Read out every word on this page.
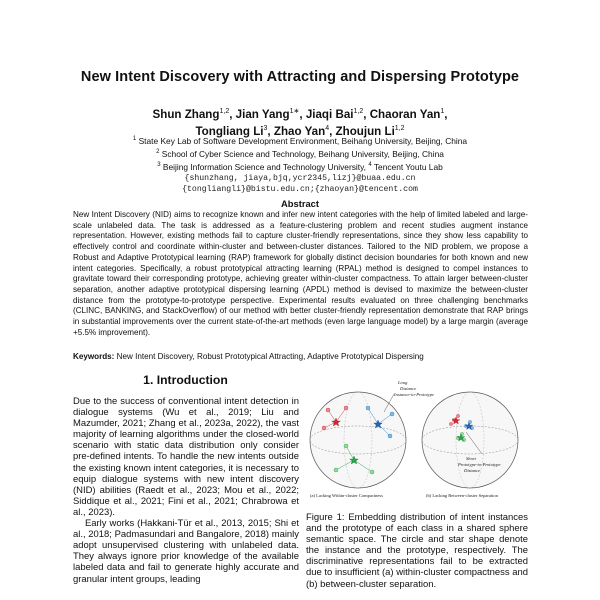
New Intent Discovery with Attracting and Dispersing Prototype
Shun Zhang$^{1,2}$, Jian Yang$^{1∗}$, Jiaqi Bai$^{1,2}$, Chaoran Yan$^1$,
Tongliang Li$^3$, Zhao Yan$^4$, Zhoujun Li$^{1,2}$
$^1$ State Key Lab of Software Development Environment, Beihang University, Beijing, China
$^2$ School of Cyber Science and Technology, Beihang University, Beijing, China
$^3$ Beijing Information Science and Technology University, $^4$ Tencent Youtu Lab
{shunzhang, jiaya,bjq,ycr2345,lizj}@buaa.edu.cn
{tongliangli}@bistu.edu.cn;{zhaoyan}@tencent.com
Abstract
New Intent Discovery (NID) aims to recognize known and infer new intent categories with the help of limited labeled and large-scale unlabeled data. The task is addressed as a feature-clustering problem and recent studies augment instance representation. However, existing methods fail to capture cluster-friendly representations, since they show less capability to effectively control and coordinate within-cluster and between-cluster distances. Tailored to the NID problem, we propose a Robust and Adaptive Prototypical learning (RAP) framework for globally distinct decision boundaries for both known and new intent categories. Specifically, a robust prototypical attracting learning (RPAL) method is designed to compel instances to gravitate toward their corresponding prototype, achieving greater within-cluster compactness. To attain larger between-cluster separation, another adaptive prototypical dispersing learning (APDL) method is devised to maximize the between-cluster distance from the prototype-to-prototype perspective. Experimental results evaluated on three challenging benchmarks (CLINC, BANKING, and StackOverflow) of our method with better cluster-friendly representation demonstrate that RAP brings in substantial improvements over the current state-of-the-art methods (even large language model) by a large margin (average +5.5% improvement).
Keywords: New Intent Discovery, Robust Prototypical Attracting, Adaptive Prototypical Dispersing
1. Introduction

Due to the success of conventional intent detection in dialogue systems (Wu et al., 2019; Liu and Mazumder, 2021; Zhang et al., 2023a, 2022), the vast majority of learning algorithms under the closed-world scenario with static data distribution only consider pre-defined intents. To handle the new intents outside the existing known intent categories, it is necessary to equip dialogue systems with new intent discovery (NID) abilities (Raedt et al., 2023; Mou et al., 2022; Siddique et al., 2021; Fini et al., 2021; Chrabrowa et al., 2023).

Early works (Hakkani-Tür et al., 2013, 2015; Shi et al., 2018; Padmasundari and Bangalore, 2018) mainly adopt unsupervised clustering with unlabeled data. They always ignore prior knowledge of the available labeled data and fail to generate highly accurate and granular intent groups, leading

Long
Distance
Instance-to-Prototype
Short
Prototype-to-Prototype
Distance
(a) Lacking Within-cluster Compactness	(b) Lacking Between-cluster Separation
Figure 1: Embedding distribution of intent instances and the prototype of each class in a shared sphere semantic space. The circle and star shape denote the instance and the prototype, respectively. The discriminative representations fail to be extracted due to insufficient (a) within-cluster compactness and (b) between-cluster separation.
